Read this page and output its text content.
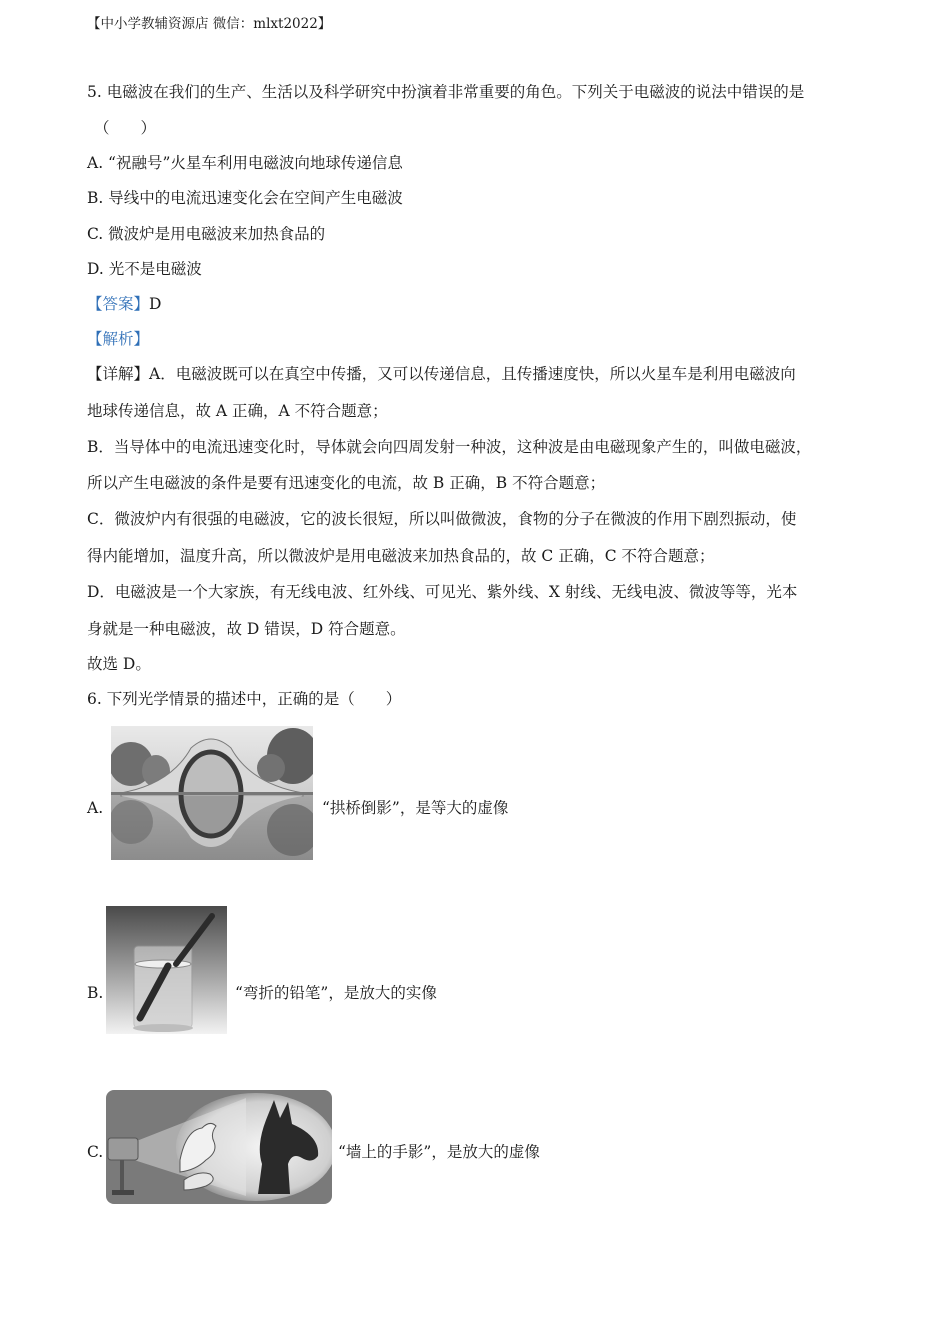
【中小学教辅资源店 微信：mlxt2022】
5. 电磁波在我们的生产、生活以及科学研究中扮演着非常重要的角色。下列关于电磁波的说法中错误的是
（　　）
A. “祝融号”火星车利用电磁波向地球传递信息
B. 导线中的电流迅速变化会在空间产生电磁波
C. 微波炉是用电磁波来加热食品的
D. 光不是电磁波
【答案】D
【解析】
【详解】A．电磁波既可以在真空中传播，又可以传递信息，且传播速度快，所以火星车是利用电磁波向
地球传递信息，故 A 正确，A 不符合题意；
B．当导体中的电流迅速变化时，导体就会向四周发射一种波，这种波是由电磁现象产生的，叫做电磁波，
所以产生电磁波的条件是要有迅速变化的电流，故 B 正确，B 不符合题意；
C．微波炉内有很强的电磁波，它的波长很短，所以叫做微波，食物的分子在微波的作用下剧烈振动，使
得内能增加，温度升高，所以微波炉是用电磁波来加热食品的，故 C 正确，C 不符合题意；
D．电磁波是一个大家族，有无线电波、红外线、可见光、紫外线、X 射线、无线电波、微波等等，光本
身就是一种电磁波，故 D 错误，D 符合题意。
故选 D。
6. 下列光学情景的描述中，正确的是（　　）
A.	“拱桥倒影”，是等大的虚像
B.	“弯折的铅笔”，是放大的实像
C.	“墙上的手影”，是放大的虚像
